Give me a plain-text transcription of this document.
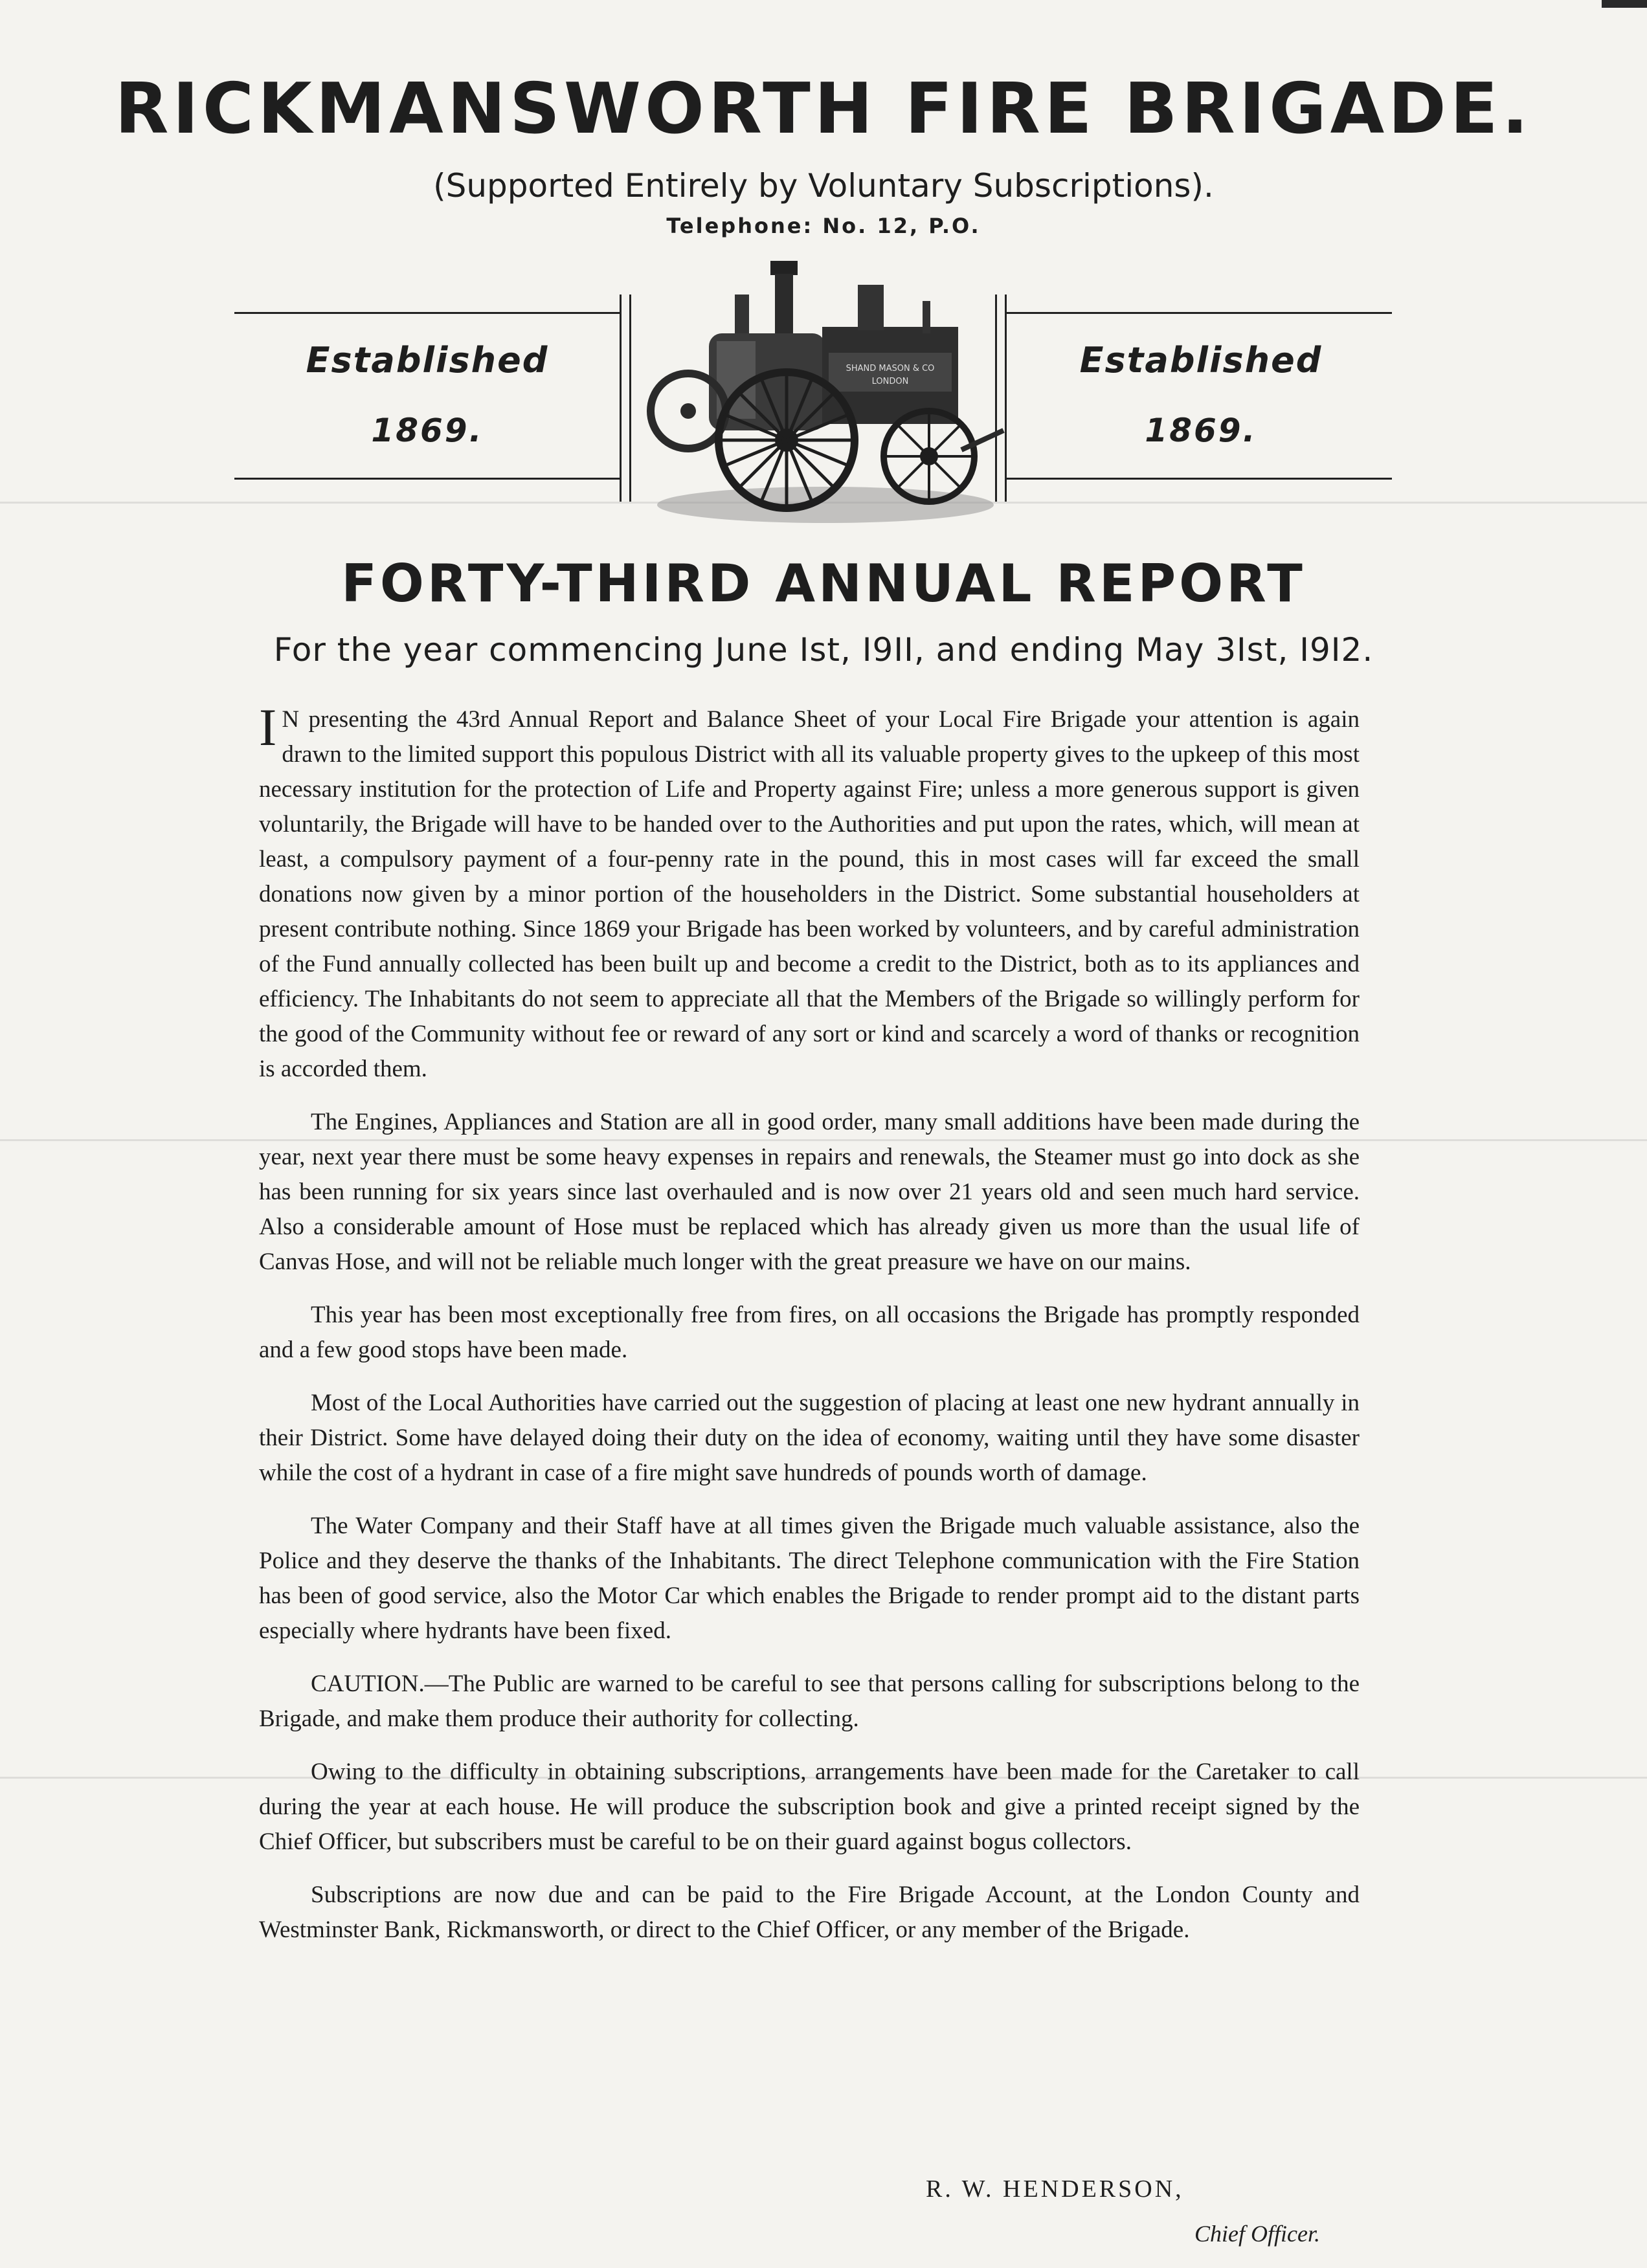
RICKMANSWORTH FIRE BRIGADE.
(Supported Entirely by Voluntary Subscriptions).
Telephone: No. 12, P.O.
Established
1869.
Established
1869.
SHAND MASON & CO
LONDON
FORTY-THIRD ANNUAL REPORT
For the year commencing June Ist, I9II, and ending May 3Ist, I9I2.

I N presenting the 43rd Annual Report and Balance Sheet of your Local Fire Brigade your attention is again drawn to the limited support this populous District with all its valuable property gives to the upkeep of this most necessary institution for the protection of Life and Property against Fire; unless a more generous support is given voluntarily, the Brigade will have to be handed over to the Authorities and put upon the rates, which, will mean at least, a compulsory payment of a four-penny rate in the pound, this in most cases will far exceed the small donations now given by a minor portion of the householders in the District. Some substantial householders at present contribute nothing. Since 1869 your Brigade has been worked by volunteers, and by careful administration of the Fund annually collected has been built up and become a credit to the District, both as to its appliances and efficiency. The Inhabitants do not seem to appreciate all that the Members of the Brigade so willingly perform for the good of the Community without fee or reward of any sort or kind and scarcely a word of thanks or recognition is accorded them.

The Engines, Appliances and Station are all in good order, many small additions have been made during the year, next year there must be some heavy expenses in repairs and renewals, the Steamer must go into dock as she has been running for six years since last overhauled and is now over 21 years old and seen much hard service. Also a considerable amount of Hose must be replaced which has already given us more than the usual life of Canvas Hose, and will not be reliable much longer with the great preasure we have on our mains.

This year has been most exceptionally free from fires, on all occasions the Brigade has promptly responded and a few good stops have been made.

Most of the Local Authorities have carried out the suggestion of placing at least one new hydrant annually in their District. Some have delayed doing their duty on the idea of economy, waiting until they have some disaster while the cost of a hydrant in case of a fire might save hundreds of pounds worth of damage.

The Water Company and their Staff have at all times given the Brigade much valuable assistance, also the Police and they deserve the thanks of the Inhabitants. The direct Telephone communication with the Fire Station has been of good service, also the Motor Car which enables the Brigade to render prompt aid to the distant parts especially where hydrants have been fixed.

CAUTION.—The Public are warned to be careful to see that persons calling for subscriptions belong to the Brigade, and make them produce their authority for collecting.

Owing to the difficulty in obtaining subscriptions, arrangements have been made for the Caretaker to call during the year at each house. He will produce the subscription book and give a printed receipt signed by the Chief Officer, but subscribers must be careful to be on their guard against bogus collectors.

Subscriptions are now due and can be paid to the Fire Brigade Account, at the London County and Westminster Bank, Rickmansworth, or direct to the Chief Officer, or any member of the Brigade.

R. W. HENDERSON,
Chief Officer.
